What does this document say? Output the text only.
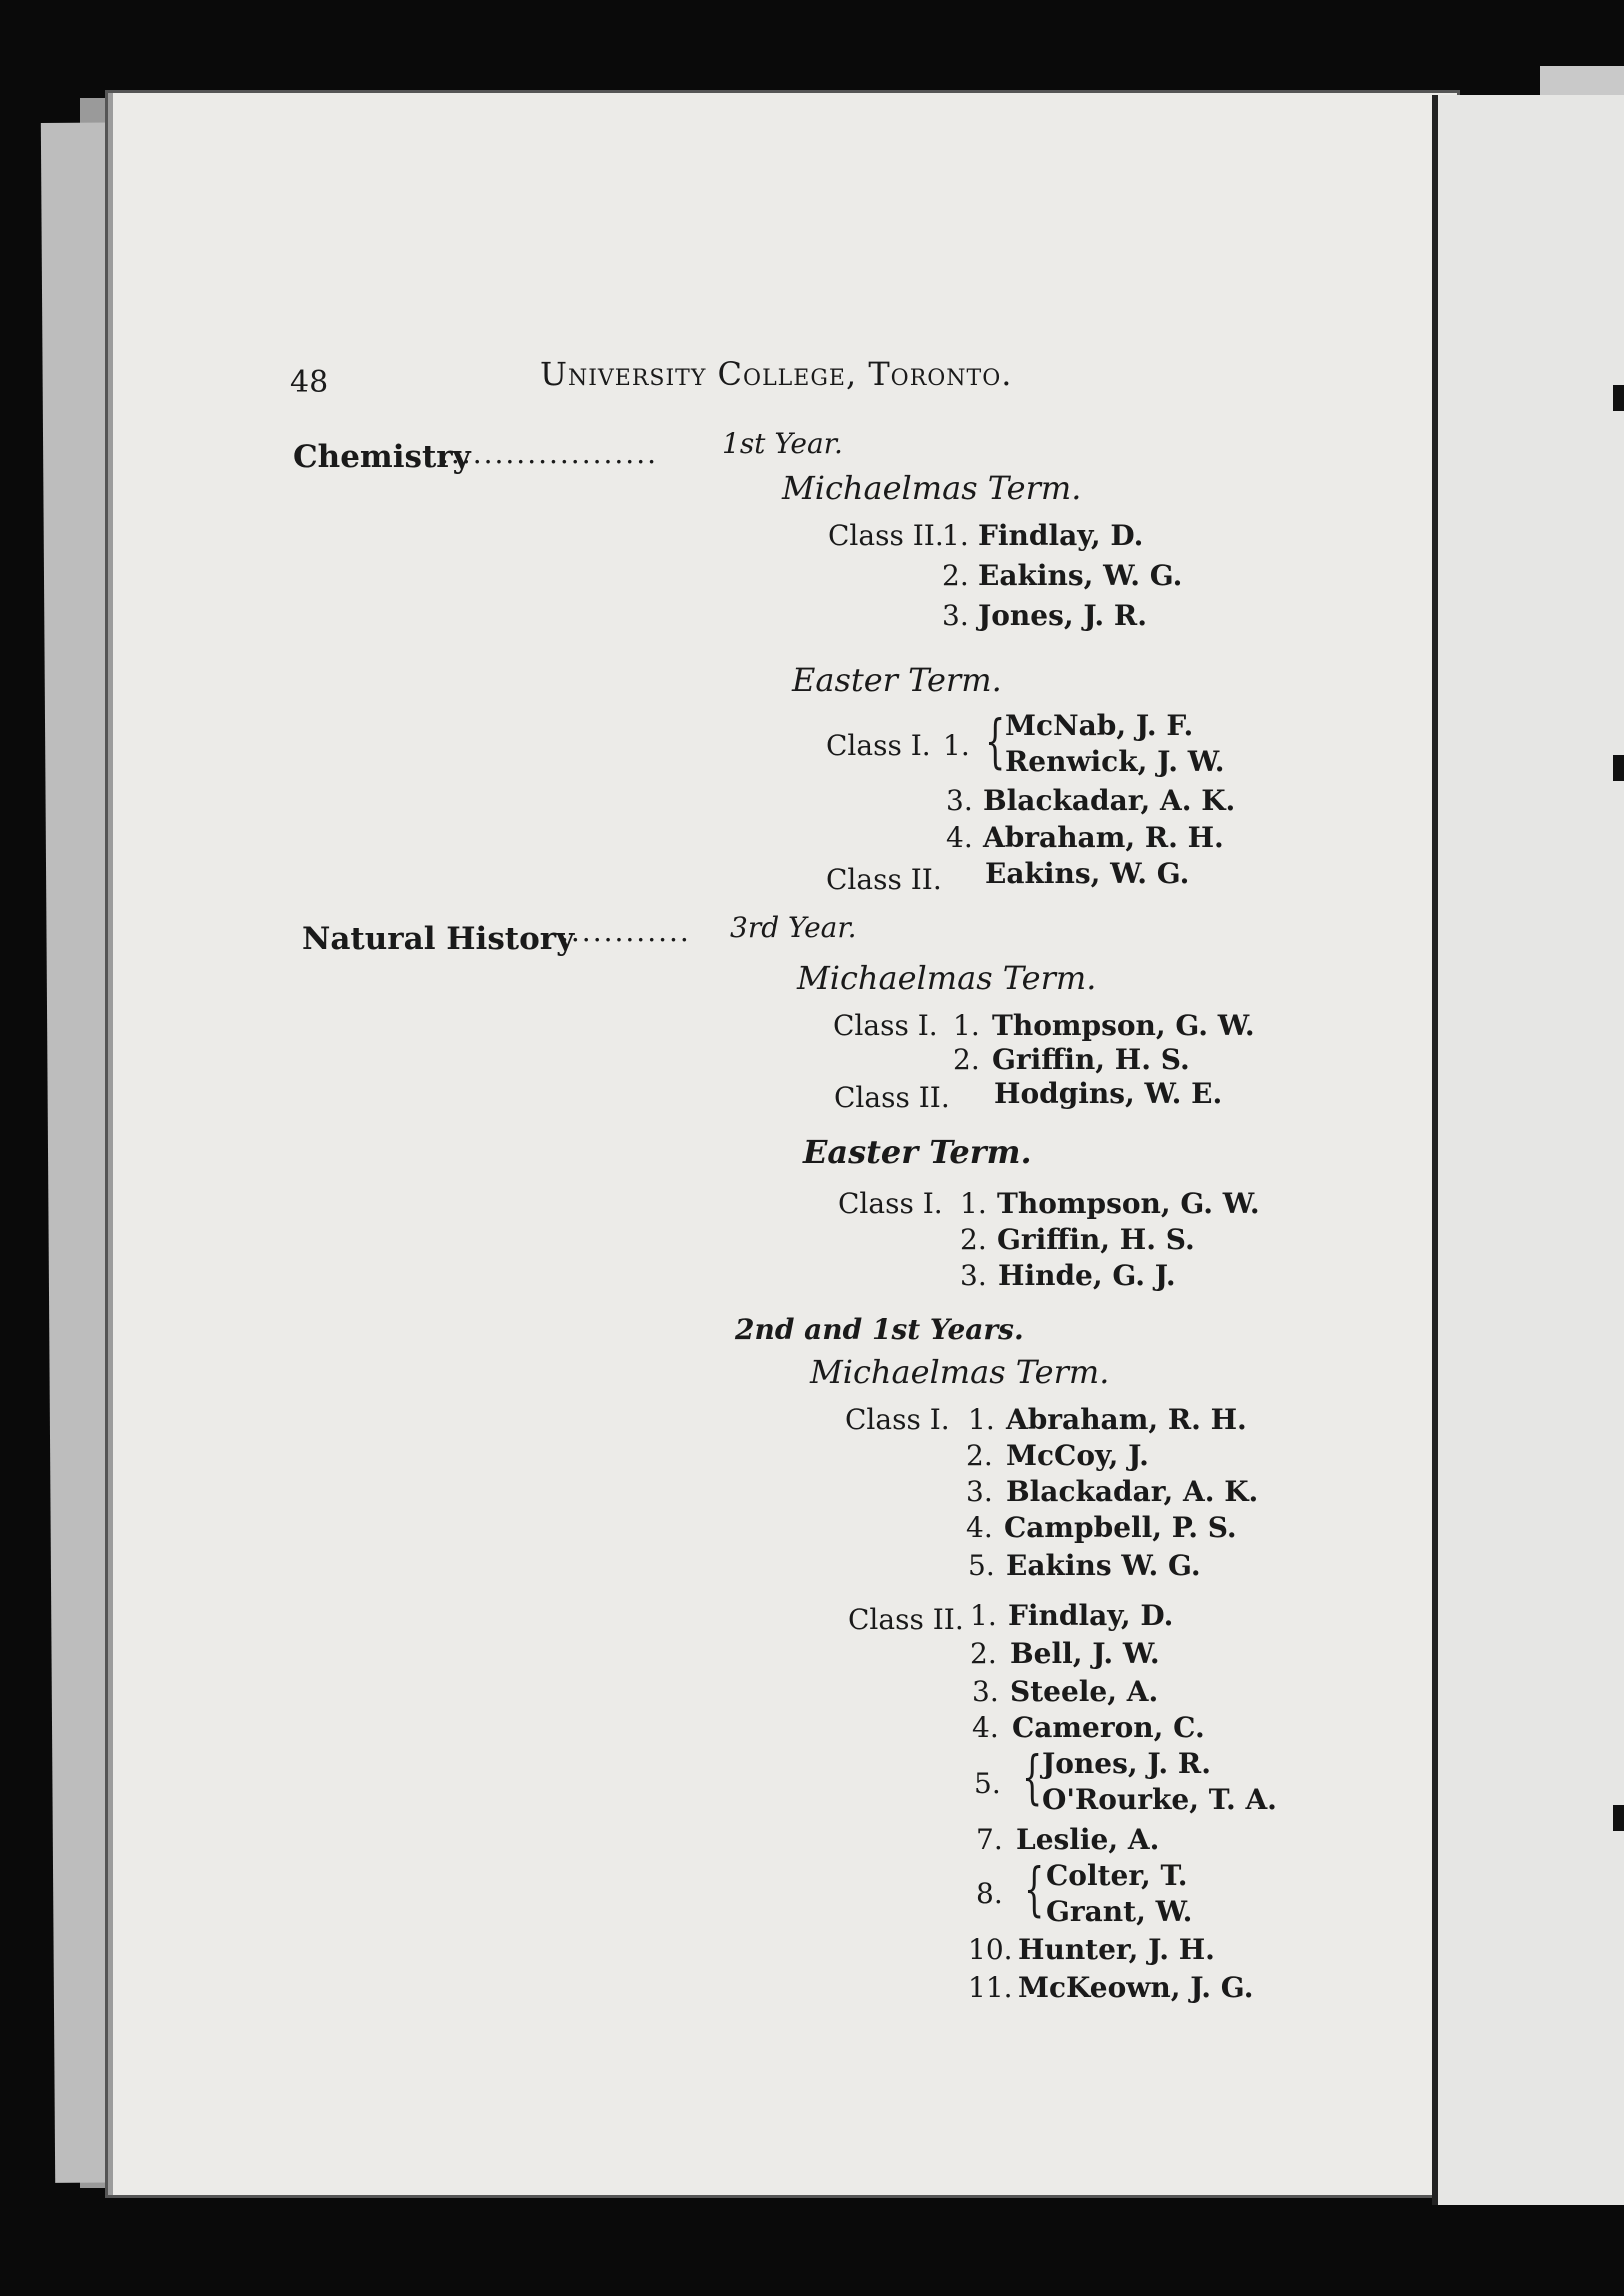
48	University College, Toronto.
Chemistry
.................... 1st Year.
Michaelmas Term.
Class II.
1. Findlay, D.
2. Eakins, W. G.
3. Jones, J. R.
Easter Term.
Class I. 1. { McNab, J. F.
Renwick, J. W.
3. Blackadar, A. K.
4. Abraham, R. H.
Class II. Eakins, W. G.
Natural History
............ 3rd Year.
Michaelmas Term.
Class I. 1. Thompson, G. W.
2. Griffin, H. S.
Class II. Hodgins, W. E.
Easter Term.
Class I. 1. Thompson, G. W.
2. Griffin, H. S.
3. Hinde, G. J.
2nd and 1st Years.
Michaelmas Term.
Class I. 1. Abraham, R. H.
2. McCoy, J.
3. Blackadar, A. K.
4. Campbell, P. S.
5. Eakins W. G.
Class II. 1. Findlay, D.
2. Bell, J. W.
3. Steele, A.
4. Cameron, C.
5. { Jones, J. R.
O'Rourke, T. A.
7. Leslie, A.
8. { Colter, T.
Grant, W.
10. Hunter, J. H.
11. McKeown, J. G.
